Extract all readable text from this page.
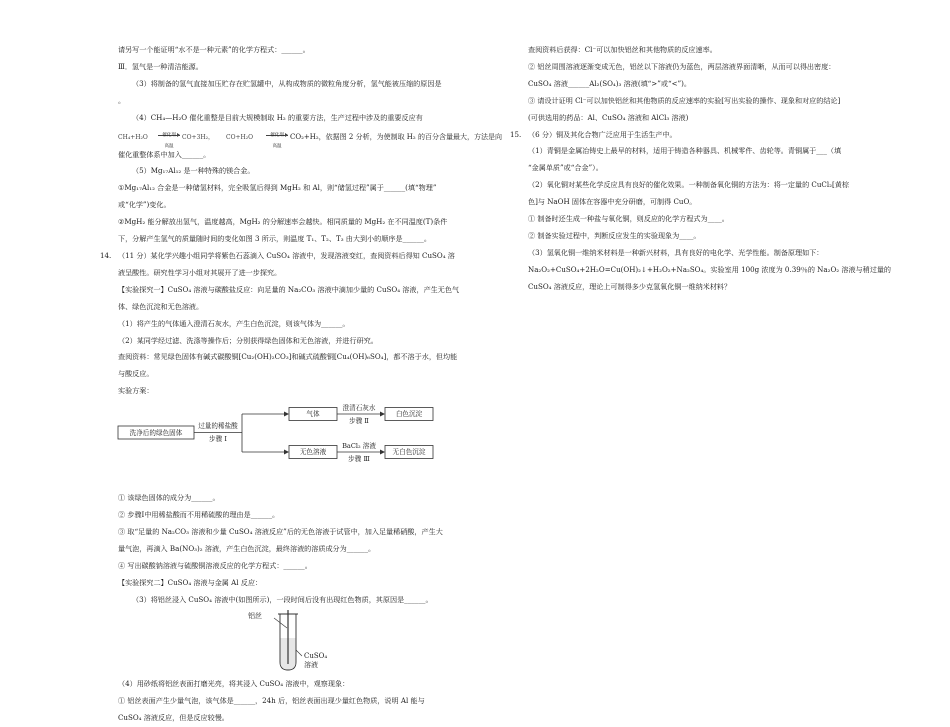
请另写一个能证明“水不是一种元素”的化学方程式：______。

Ⅲ．氢气是一种清洁能源。

（3）将制备的氢气直接加压贮存在贮氢罐中，从构成物质的微粒角度分析，氢气能被压缩的原因是

。

（4）CH₄—H₂O 催化重整是目前大规模制取 H₂ 的重要方法，生产过程中涉及的重要反应有

CH₄+H₂O	催化剂
高温
CO+3H₂， CO+H₂O	催化剂
高温
CO₂+H₂，依据图 2 分析，为使制取 H₂ 的百分含量最大，方法是向

催化重整体系中加入______。

（5）Mg₁₇Al₁₂ 是一种特殊的镁合金。

①Mg₁₇Al₁₂ 合金是一种储氢材料，完全吸氢后得到 MgH₂ 和 Al，则“储氢过程”属于______(填“物理”

或“化学”)变化。

②MgH₂ 能分解放出氢气，温度越高，MgH₂ 的分解速率会越快。相同质量的 MgH₂ 在不同温度(T)条件

下，分解产生氢气的质量随时间的变化如图 3 所示，则温度 T₁、T₂、T₃ 由大到小的顺序是______。

14. （11 分）某化学兴趣小组同学将紫色石蕊滴入 CuSO₄ 溶液中，发现溶液变红，查阅资料后得知 CuSO₄ 溶

液呈酸性。研究性学习小组对其展开了进一步探究。

【实验探究一】CuSO₄ 溶液与碳酸盐反应：向足量的 Na₂CO₃ 溶液中滴加少量的 CuSO₄ 溶液，产生无色气

体、绿色沉淀和无色溶液。

（1）将产生的气体通入澄清石灰水，产生白色沉淀，则该气体为______。

（2）某同学经过滤、洗涤等操作后；分别获得绿色固体和无色溶液，并进行研究。

查阅资料：常见绿色固体有碱式碳酸铜[Cu₂(OH)₂CO₃]和碱式硫酸铜[Cu₄(OH)₆SO₄]，都不溶于水，但均能

与酸反应。

实验方案：

洗净后的绿色固体
过量的稀盐酸
步骤 Ⅰ
气体
无色溶液
澄清石灰水
步骤 Ⅱ
BaCl₂ 溶液
步骤 Ⅲ
白色沉淀
无白色沉淀

① 该绿色固体的成分为______。

② 步骤Ⅰ中用稀盐酸而不用稀硫酸的理由是______。

③ 取“足量的 Na₂CO₃ 溶液和少量 CuSO₄ 溶液反应”后的无色溶液于试管中，加入足量稀硝酸，产生大

量气泡，再滴入 Ba(NO₃)₂ 溶液，产生白色沉淀，最终溶液的溶质成分为______。

④ 写出碳酸钠溶液与硫酸铜溶液反应的化学方程式：______。

【实验探究二】CuSO₄ 溶液与金属 Al 反应：

（3）将铝丝浸入 CuSO₄ 溶液中(如图所示)，一段时间后没有出现红色物质，其原因是______。

铝丝
CuSO₄
溶液

（4）用砂纸将铝丝表面打磨光亮，将其浸入 CuSO₄ 溶液中，观察现象：

① 铝丝表面产生少量气泡，该气体是______，24h 后，铝丝表面出现少量红色物质，说明 Al 能与

CuSO₄ 溶液反应，但是反应较慢。

查阅资料后获得：Cl⁻可以加快铝丝和其他物质的反应速率。

② 铝丝周围溶液逐渐变成无色，铝丝以下溶液仍为蓝色，两层溶液界面清晰，从而可以得出密度：

CuSO₄ 溶液______Al₂(SO₄)₃ 溶液(填“>”或“<”)。

③ 请设计证明 Cl⁻可以加快铝丝和其他物质的反应速率的实验[写出实验的操作、现象和对应的结论]

(可供选用的药品：Al、CuSO₄ 溶液和 AlCl₃ 溶液)

15. （6 分）铜及其化合物广泛应用于生活生产中。

（1）青铜是金属冶铸史上最早的材料，适用于铸造各种器具、机械零件、齿轮等。青铜属于___（填

“金属单质”或“合金”）。

（2）氧化铜对某些化学反应具有良好的催化效果。一种制备氧化铜的方法为：将一定量的 CuCl₂[黄棕

色]与 NaOH 固体在容器中充分研磨，可制得 CuO。

① 制备时还生成一种盐与氧化铜，则反应的化学方程式为____。

② 制备实验过程中，判断反应发生的实验现象为____。

（3）氢氧化铜一维纳米材料是一种新兴材料，具有良好的电化学、光学性能。制备原理如下：

Na₂O₂+CuSO₄+2H₂O=Cu(OH)₂↓+H₂O₂+Na₂SO₄。实验室用 100g 浓度为 0.39％的 Na₂O₂ 溶液与稍过量的

CuSO₄ 溶液反应，理论上可制得多少克氢氧化铜一维纳米材料？
